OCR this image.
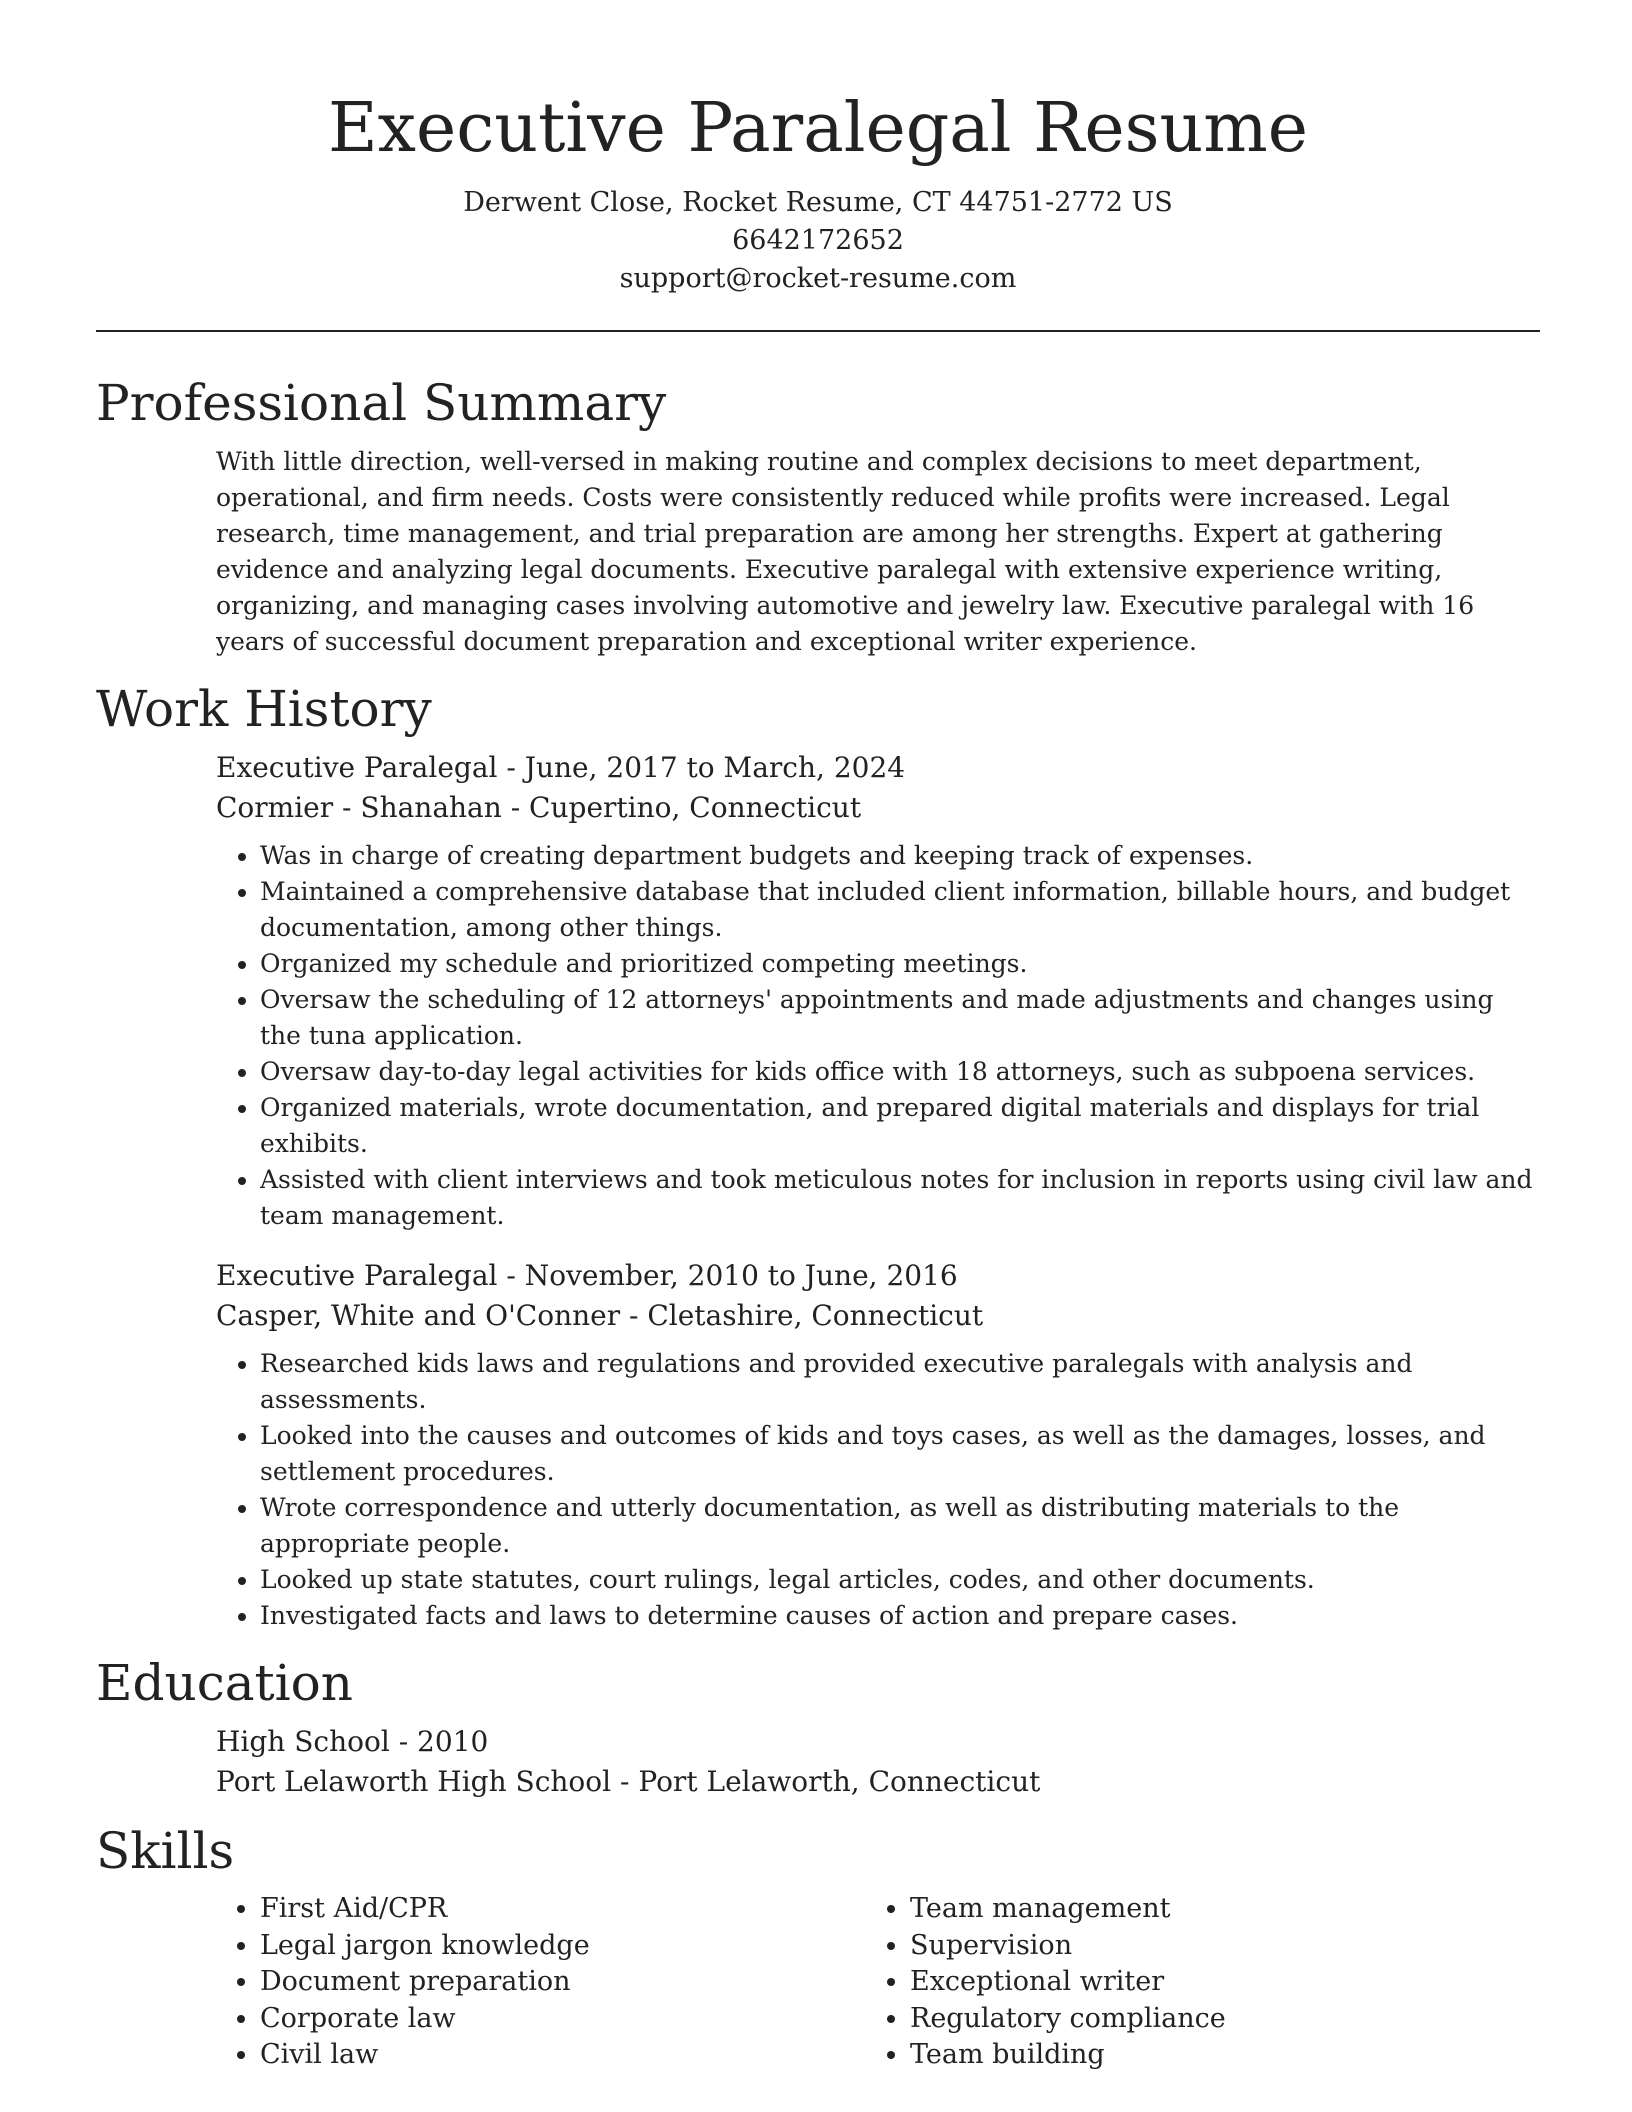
Executive Paralegal Resume
Derwent Close, Rocket Resume, CT 44751-2772 US
6642172652
support@rocket-resume.com
Professional Summary

With little direction, well-versed in making routine and complex decisions to meet department, operational, and firm needs. Costs were consistently reduced while profits were increased. Legal research, time management, and trial preparation are among her strengths. Expert at gathering evidence and analyzing legal documents. Executive paralegal with extensive experience writing, organizing, and managing cases involving automotive and jewelry law. Executive paralegal with 16 years of successful document preparation and exceptional writer experience.

Work History
Executive Paralegal - June, 2017 to March, 2024
Cormier - Shanahan - Cupertino, Connecticut
• Was in charge of creating department budgets and keeping track of expenses.
• Maintained a comprehensive database that included client information, billable hours, and budget documentation, among other things.
• Organized my schedule and prioritized competing meetings.
• Oversaw the scheduling of 12 attorneys' appointments and made adjustments and changes using the tuna application.
• Oversaw day-to-day legal activities for kids office with 18 attorneys, such as subpoena services.
• Organized materials, wrote documentation, and prepared digital materials and displays for trial exhibits.
• Assisted with client interviews and took meticulous notes for inclusion in reports using civil law and team management.
Executive Paralegal - November, 2010 to June, 2016
Casper, White and O'Conner - Cletashire, Connecticut
• Researched kids laws and regulations and provided executive paralegals with analysis and assessments.
• Looked into the causes and outcomes of kids and toys cases, as well as the damages, losses, and settlement procedures.
• Wrote correspondence and utterly documentation, as well as distributing materials to the appropriate people.
• Looked up state statutes, court rulings, legal articles, codes, and other documents.
• Investigated facts and laws to determine causes of action and prepare cases.
Education
High School - 2010
Port Lelaworth High School - Port Lelaworth, Connecticut
Skills
• First Aid/CPR
• Legal jargon knowledge
• Document preparation
• Corporate law
• Civil law
• Team management
• Supervision
• Exceptional writer
• Regulatory compliance
• Team building
